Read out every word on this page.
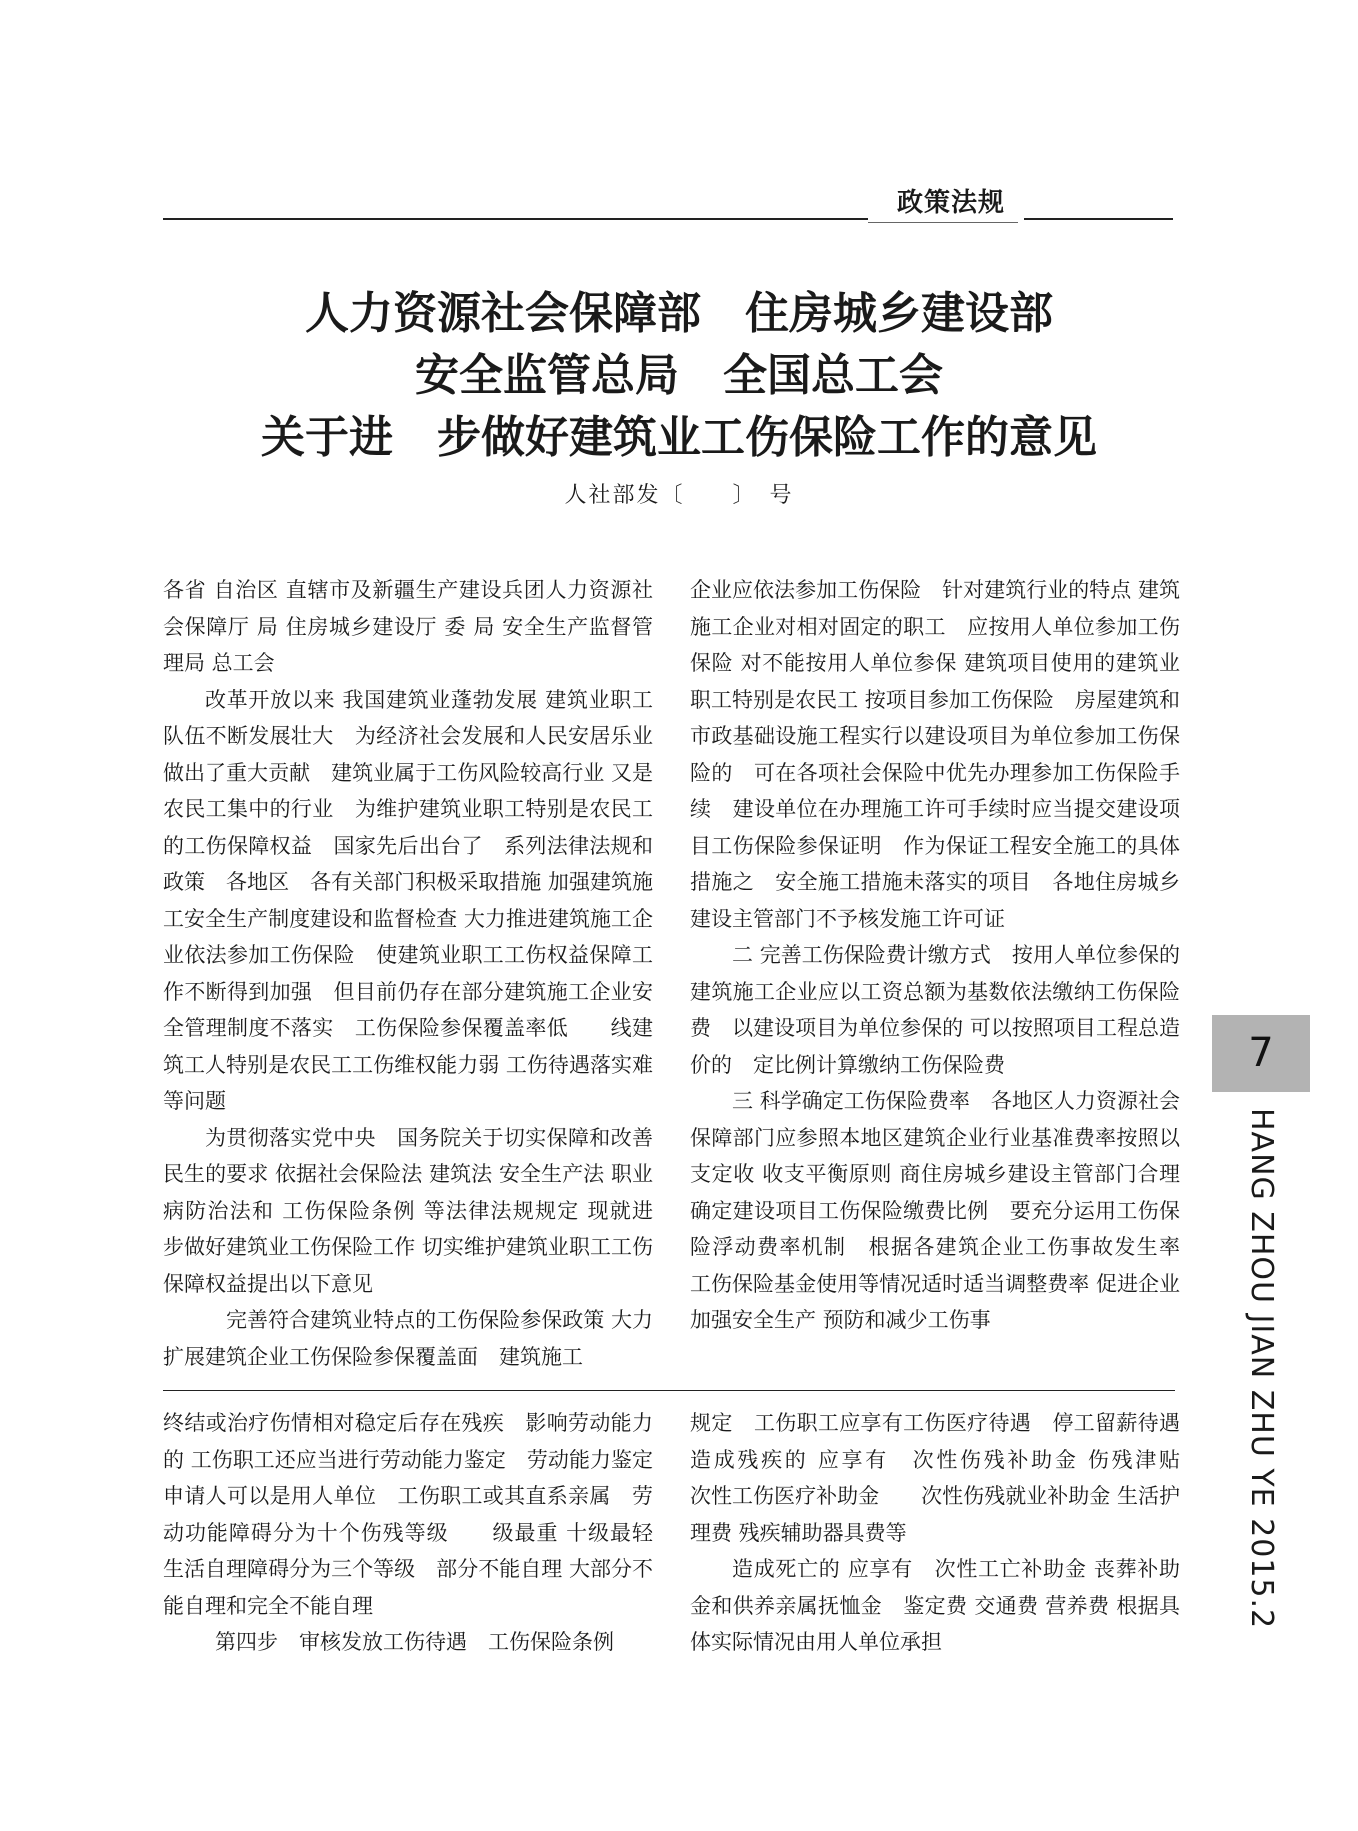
政策法规
人力资源社会保障部　住房城乡建设部
安全监管总局　全国总工会
关于进　步做好建筑业工伤保险工作的意见
人社部发〔　　〕　号

各省 自治区 直辖市及新疆生产建设兵团人力资源社会保障厅 局 住房城乡建设厅 委 局 安全生产监督管理局 总工会

改革开放以来 我国建筑业蓬勃发展 建筑业职工队伍不断发展壮大　为经济社会发展和人民安居乐业做出了重大贡献　建筑业属于工伤风险较高行业 又是农民工集中的行业　为维护建筑业职工特别是农民工的工伤保障权益　国家先后出台了　系列法律法规和政策　各地区　各有关部门积极采取措施 加强建筑施工安全生产制度建设和监督检查 大力推进建筑施工企业依法参加工伤保险　使建筑业职工工伤权益保障工作不断得到加强　但目前仍存在部分建筑施工企业安全管理制度不落实　工伤保险参保覆盖率低　　线建筑工人特别是农民工工伤维权能力弱 工伤待遇落实难等问题

为贯彻落实党中央　国务院关于切实保障和改善民生的要求 依据社会保险法 建筑法 安全生产法 职业病防治法和 工伤保险条例 等法律法规规定 现就进　步做好建筑业工伤保险工作 切实维护建筑业职工工伤保障权益提出以下意见

　完善符合建筑业特点的工伤保险参保政策 大力扩展建筑企业工伤保险参保覆盖面　建筑施工

企业应依法参加工伤保险　针对建筑行业的特点 建筑施工企业对相对固定的职工　应按用人单位参加工伤保险 对不能按用人单位参保 建筑项目使用的建筑业职工特别是农民工 按项目参加工伤保险　房屋建筑和市政基础设施工程实行以建设项目为单位参加工伤保险的　可在各项社会保险中优先办理参加工伤保险手续　建设单位在办理施工许可手续时应当提交建设项目工伤保险参保证明　作为保证工程安全施工的具体措施之　安全施工措施未落实的项目　各地住房城乡建设主管部门不予核发施工许可证

二 完善工伤保险费计缴方式　按用人单位参保的建筑施工企业应以工资总额为基数依法缴纳工伤保险费　以建设项目为单位参保的 可以按照项目工程总造价的　定比例计算缴纳工伤保险费

三 科学确定工伤保险费率　各地区人力资源社会保障部门应参照本地区建筑企业行业基准费率按照以支定收 收支平衡原则 商住房城乡建设主管部门合理确定建设项目工伤保险缴费比例　要充分运用工伤保险浮动费率机制　根据各建筑企业工伤事故发生率　工伤保险基金使用等情况适时适当调整费率 促进企业加强安全生产 预防和减少工伤事

终结或治疗伤情相对稳定后存在残疾　影响劳动能力的 工伤职工还应当进行劳动能力鉴定　劳动能力鉴定申请人可以是用人单位　工伤职工或其直系亲属　劳动功能障碍分为十个伤残等级　　级最重 十级最轻　生活自理障碍分为三个等级　部分不能自理 大部分不能自理和完全不能自理

第四步　审核发放工伤待遇　工伤保险条例

规定　工伤职工应享有工伤医疗待遇　停工留薪待遇 造成残疾的 应享有　次性伤残补助金 伤残津贴　　次性工伤医疗补助金　　次性伤残就业补助金 生活护理费 残疾辅助器具费等

造成死亡的 应享有　次性工亡补助金 丧葬补助金和供养亲属抚恤金　鉴定费 交通费 营养费 根据具体实际情况由用人单位承担

7
HANG ZHOU JIAN ZHU YE 2015.2
